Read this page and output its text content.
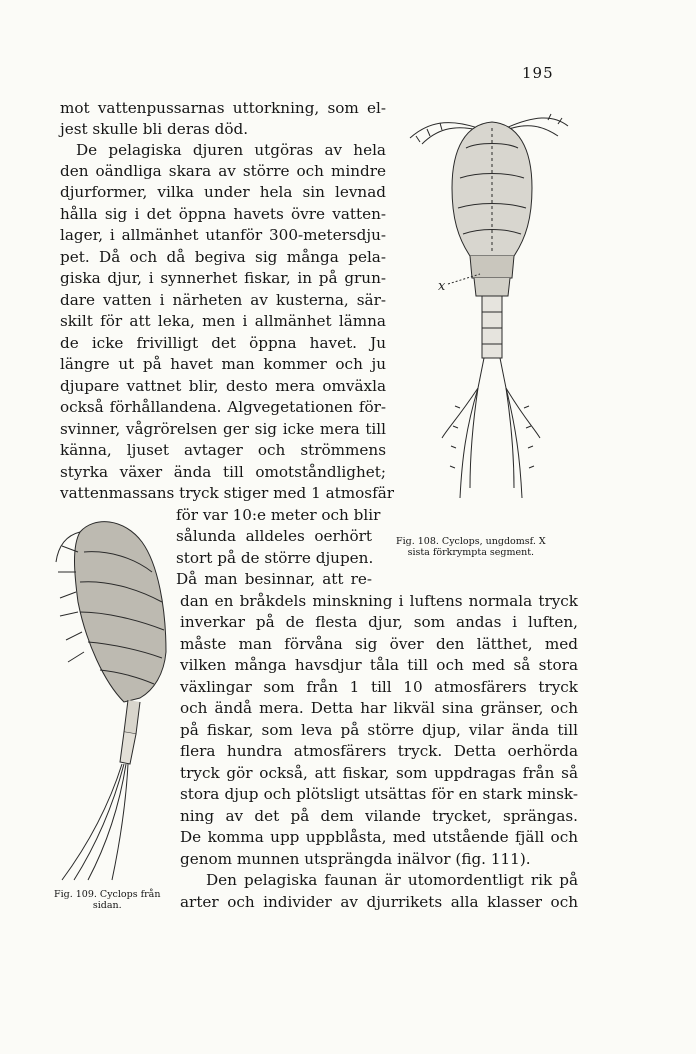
195
mot vattenpussarnas uttorkning, som el-
jest skulle bli deras död.
De pelagiska djuren utgöras av hela
den oändliga skara av större och mindre
djurformer, vilka under hela sin levnad
hålla sig i det öppna havets övre vatten-
lager, i allmänhet utanför 300-metersdju-
pet. Då och då begiva sig många pela-
giska djur, i synnerhet fiskar, in på grun-
dare vatten i närheten av kusterna, sär-
skilt för att leka, men i allmänhet lämna
de icke frivilligt det öppna havet. Ju
längre ut på havet man kommer och ju
djupare vattnet blir, desto mera omväxla
också förhållandena. Algvegetationen för-
svinner, vågrörelsen ger sig icke mera till
känna, ljuset avtager och strömmens
styrka växer ända till omotståndlighet;
vattenmassans tryck stiger med 1 atmosfär
för var 10:e meter och blir
sålunda alldeles oerhört
stort på de större djupen.
Då man besinnar, att re-
dan en bråkdels minskning i luftens normala tryck
inverkar på de flesta djur, som andas i luften,
måste man förvåna sig över den lätthet, med
vilken många havsdjur tåla till och med så stora
växlingar som från 1 till 10 atmosfärers tryck
och ändå mera. Detta har likväl sina gränser, och
på fiskar, som leva på större djup, vilar ända till
flera hundra atmosfärers tryck. Detta oerhörda
tryck gör också, att fiskar, som uppdragas från så
stora djup och plötsligt utsättas för en stark minsk-
ning av det på dem vilande trycket, sprängas.
De komma upp uppblåsta, med utstående fjäll och
genom munnen utsprängda inälvor (fig. 111).
Den pelagiska faunan är utomordentligt rik på
arter och individer av djurrikets alla klasser och
x
Fig. 108. Cyclops, ungdomsf. X
sista förkrympta segment.
Fig. 109. Cyclops från
sidan.
